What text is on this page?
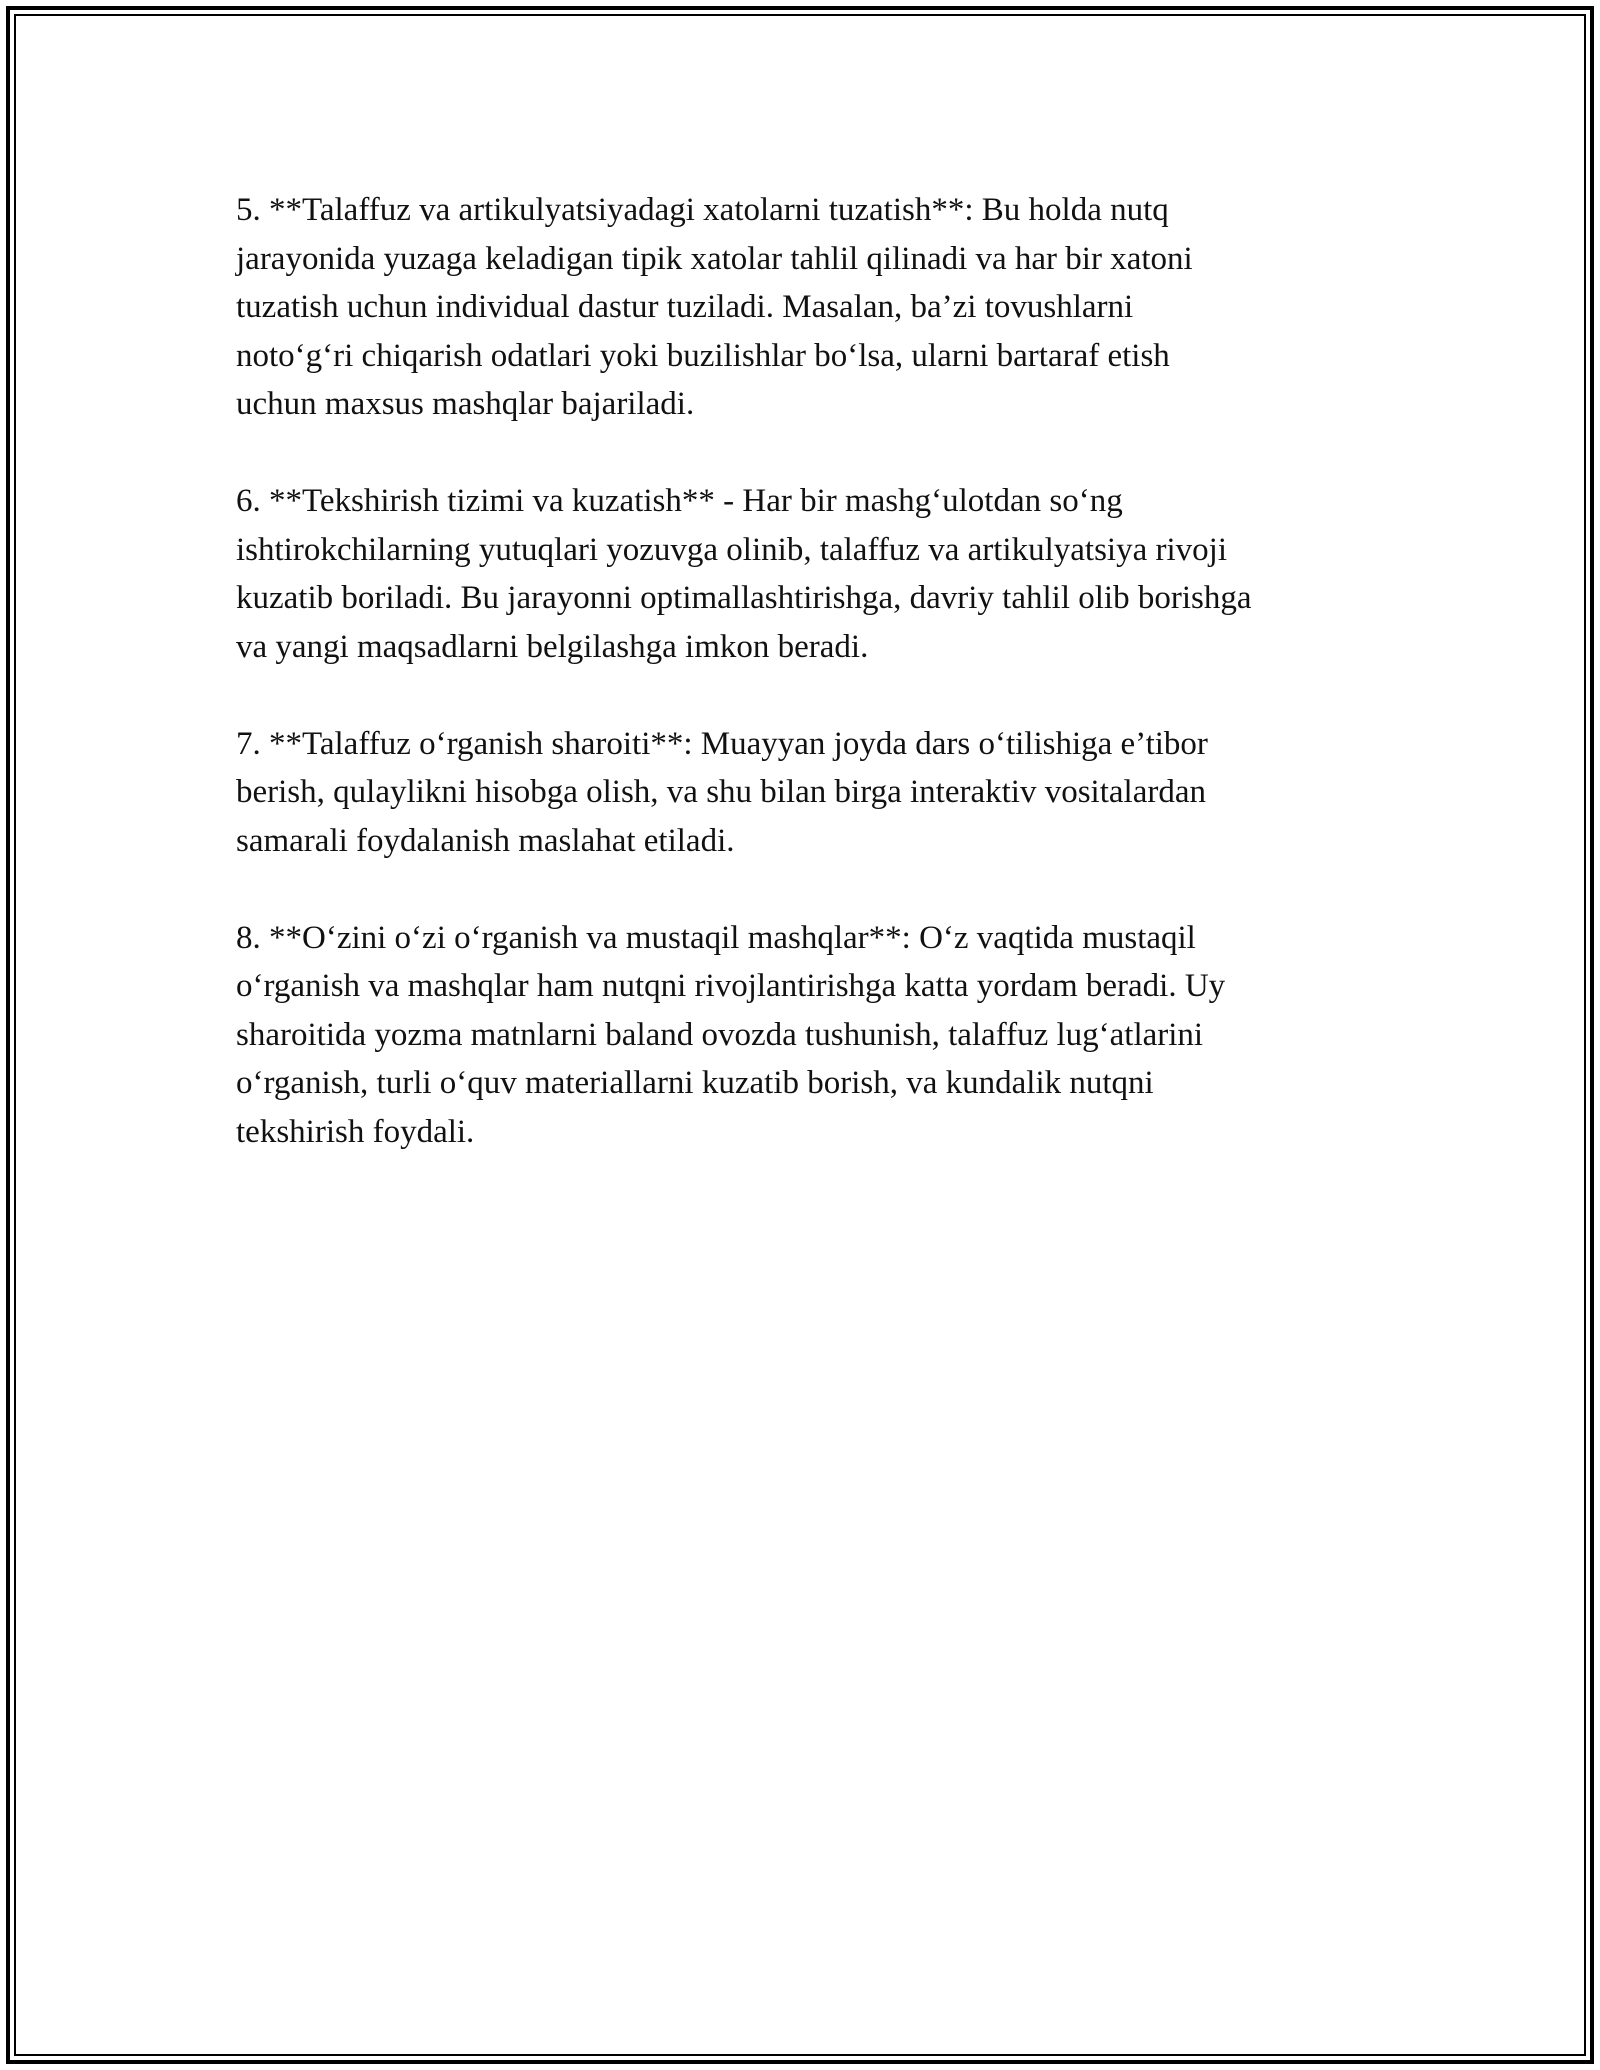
5. **Talaffuz va artikulyatsiyadagi xatolarni tuzatish**: Bu holda nutq
jarayonida yuzaga keladigan tipik xatolar tahlil qilinadi va har bir xatoni
tuzatish uchun individual dastur tuziladi. Masalan, ba’zi tovushlarni
noto‘g‘ri chiqarish odatlari yoki buzilishlar bo‘lsa, ularni bartaraf etish
uchun maxsus mashqlar bajariladi.

6. **Tekshirish tizimi va kuzatish** - Har bir mashg‘ulotdan so‘ng
ishtirokchilarning yutuqlari yozuvga olinib, talaffuz va artikulyatsiya rivoji
kuzatib boriladi. Bu jarayonni optimallashtirishga, davriy tahlil olib borishga
va yangi maqsadlarni belgilashga imkon beradi.

7. **Talaffuz o‘rganish sharoiti**: Muayyan joyda dars o‘tilishiga e’tibor
berish, qulaylikni hisobga olish, va shu bilan birga interaktiv vositalardan
samarali foydalanish maslahat etiladi.

8. **O‘zini o‘zi o‘rganish va mustaqil mashqlar**: O‘z vaqtida mustaqil
o‘rganish va mashqlar ham nutqni rivojlantirishga katta yordam beradi. Uy
sharoitida yozma matnlarni baland ovozda tushunish, talaffuz lug‘atlarini
o‘rganish, turli o‘quv materiallarni kuzatib borish, va kundalik nutqni
tekshirish foydali.
